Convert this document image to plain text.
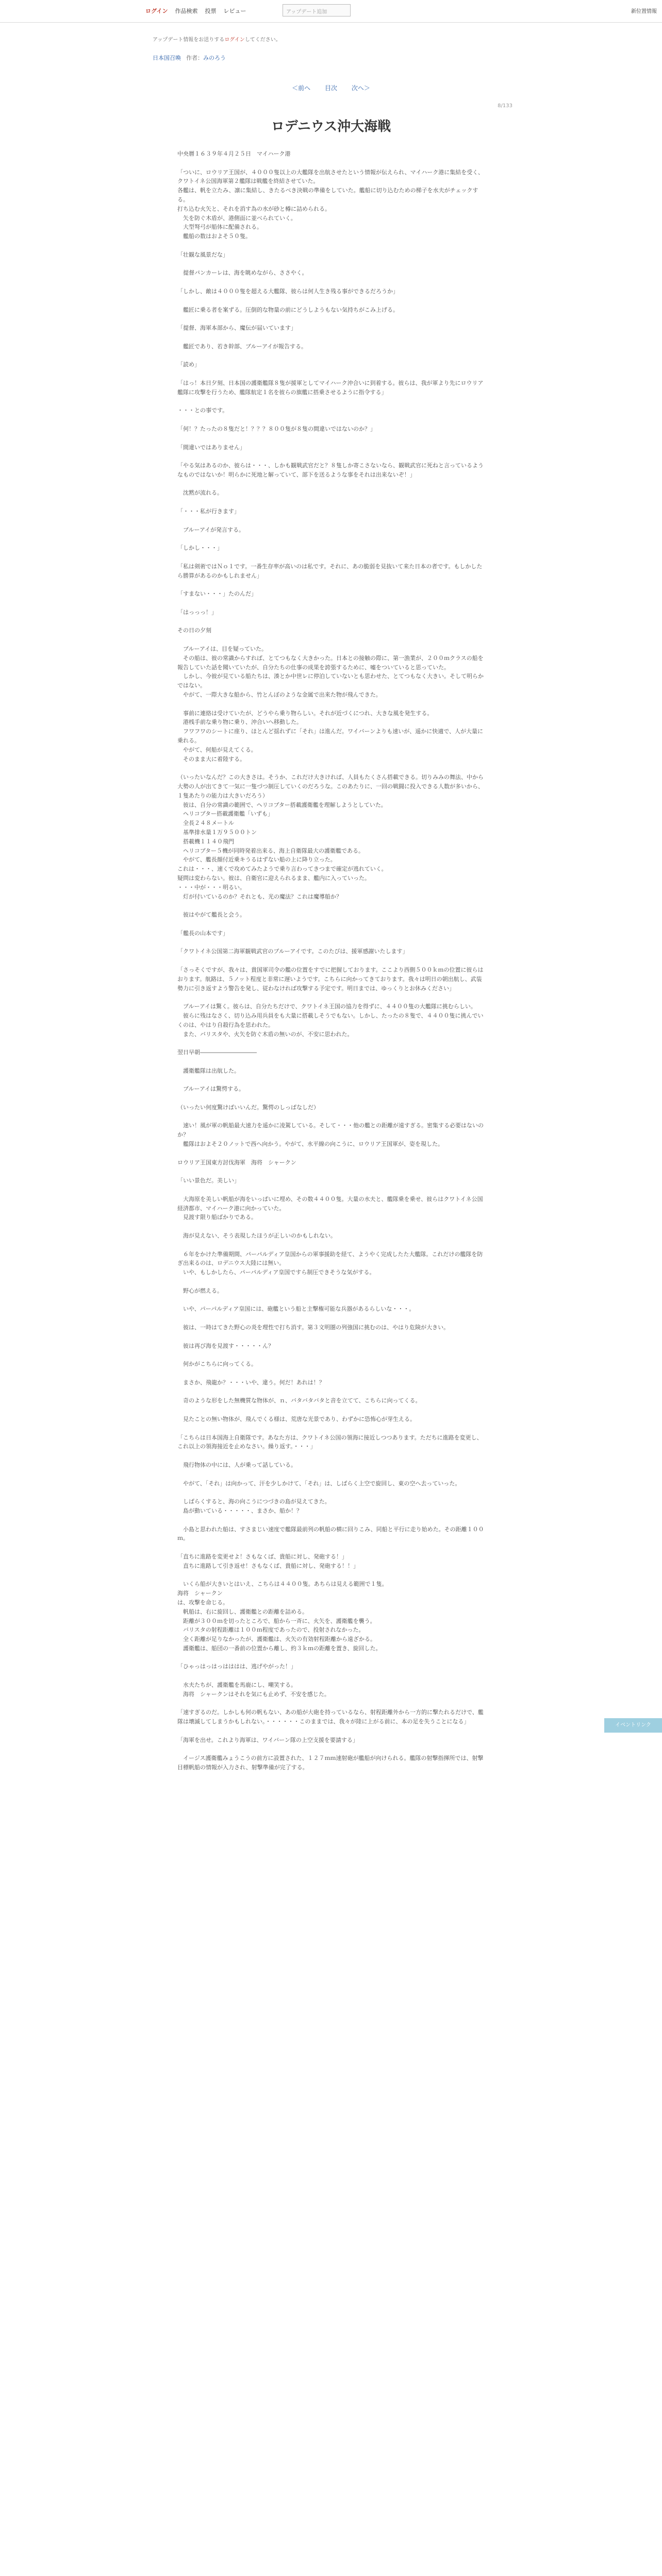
ログイン 作品検索 投票 レビュー	アップデート追加	新位置情報
アップデート情報をお送りするログインしてください。
日本国召喚 作者：みのろう
＜前へ 目次 次へ＞
8/133
ロデニウス沖大海戦
中央暦１６３９年４月２５日　マイハーク港

「ついに、ロウリア王国が、４０００隻以上の大艦隊を出航させたという情報が伝えられ、マイハーク港に集結を受く、クワトイネ公国海軍第２艦隊は戦艦を終結させていた。
各艦は、帆を立たみ、凛に集結し、きたるべき決戦の準備をしていた。艦船に切り込むための梯子を水夫がチェックする。
打ち込む火矢と、それを消す為の水が砂と樽に詰められる。
　矢を防ぐ木盾が、港側面に並べられていく。
　大型弩弓が船体に配備される。
　艦船の数はおよそ５０隻。

「壮観な風景だな」

　提督パンカーレは、海を眺めながら、ささやく。

「しかし、敵は４０００隻を超える大艦隊、彼らは何人生き残る事ができるだろうか」

　艦匠に乗る者を案ずる。圧倒的な物量の前にどうしようもない気持ちがこみ上げる。

「提督、海軍本部から、魔伝が届いています」

　艦匠であり、若き幹部、ブルーアイが報告する。

「読め」

「はっ！本日夕刻、日本国の護衛艦隊８隻が援軍としてマイハーク沖合いに到着する。彼らは、我が軍より先にロウリア艦隊に攻撃を行うため、艦隊航定１名を彼らの旗艦に搭乗させるように指令する」

・・・との事です。

「何！？たったの８隻だと！？？？８００隻が８隻の間違いではないのか？」

「間違いではありません」

「やる気はあるのか、彼らは・・・、しかも観戦武官だと？８隻しか寄こさないなら、観戦武官に死ねと言っているようなものではないか！明らかに死地と解っていて、部下を送るような事をそれは出来ないぞ！」

　沈黙が流れる。

「・・・私が行きます」

　ブルーアイが発言する。

「しかし・・・」

「私は剣術ではＮｏ１です。一番生存率が高いのは私です。それに、あの脆弱を見抜いて来た日本の者です。もしかしたら勝算があるのかもしれません」

「すまない・・・」たのんだ」

「はっっっ！」

その日の夕刻

　ブルーアイは、目を疑っていた。
　その船は、彼の常識からすれば、とてつもなく大きかった。日本との接触の際に、第一漁業が、２００ｍクラスの船を報告していた話を聞いていたが、自分たちの仕事の成果を誇張するために、嘘をついていると思っていた。
　しかし、今彼が見ている船たちは、湊とか中世レに停泊していないとも思わせた、とてつもなく大きい。そして明らかではない。
　やがて、一際大きな船から、竹とんぼのような金属で出来た物が飛んできた。

　事前に連絡は受けていたが、どうやら乗り物らしい。それが近づくにつれ、大きな風を発生する。
　港桟手前な乗り物に乗り、沖合いへ移動した。
　フワフワのシートに座り、ほとんど揺れずに「それ」は進んだ。ワイバーンよりも速いが、遥かに快適で、人が大量に乗れる。
　やがて、何船が見えてくる。
　そのまま大に着陸する。

（いったいなんだ？この大きさは。そうか、これだけ大きければ、人員もたくさん搭載できる。切りみみの舞法、中から大勢の人が出てきて一気に一隻づつ制圧していくのだろうな。このあたりに、一回の戦闘に投入できる人数が多いから、１隻あたりの能力は大きいだろう）
　彼は、自分の常識の範囲で、ヘリコプター搭載護衛艦を理解しようとしていた。
　ヘリコプター搭載護衛艦「いずも」
　全長２４８メートル
　基準排水量１万９５００トン
　搭載機１１４０飛門
　ヘリコプター５機が同時発着出来る、海上自衛隊最大の護衛艦である。
　やがて、艦長顔付近乗キうるはずない船の上に降り立った。
これは・・・、速くで攻めてみたようで乗り言わってきつまで確定が逃れていく。
疑問は変わらない。彼は、自衛官に迎えられるまま、艦内に入っていった。
・・・中が・・・明るい。
　灯が付いているのか？それとも、光の魔法？これは魔導船か？

　彼はやがて艦長と会う。

「艦長の山本です」

「クワトイネ公国第二海軍観戦武官のブルーアイです。このたびは、援軍感謝いたします」

「さっそくですが、我々は、貴国軍司令の艦の位置をすでに把握しております。ここより西側５００ｋｍの位置に彼らはおります。航路は、５ノット程度と非常に遅いようです。こちらに向かってきております。我々は明日の朝出航し、武装勢力に引き返すよう警告を発し、従わなければ攻撃する予定です。明日までは、ゆっくりとお休みください」

　ブルーアイは驚く。彼らは、自分たちだけで、クワトイネ王国の協力を得ずに、４４００隻の大艦隊に挑むらしい。
　彼らに残はなさく、切り込み用兵員をも大量に搭載しそうでもない。しかし、たったの８隻で、４４００隻に挑んでいくのは、やはり自殺行為を思われた。
　また、バリスタや、火矢を防ぐ木盾の無いのが、不安に思われた。

翌日早朝――――――――――

　護衛艦隊は出航した。

　ブルーアイは驚愕する。

（いったい何度驚けばいいんだ。驚愕のしっぱなしだ）

　速い！風が軍の帆船最大速力を遥かに凌駕している。そして・・・他の艦との距離が遠すぎる。密集する必要はないのか？
　艦隊はおよそ２０ノットで西へ向かう。やがて、水平線の向こうに、ロウリア王国軍が、姿を現した。

ロウリア王国東方討伐海軍　海将　シャークン

「いい景色だ。美しい」

　大海原を美しい帆船が海をいっぱいに埋め、その数４４００隻。大量の水夫と、艦隊乗を乗せ、彼らはクワトイネ公国経済都市、マイハーク港に向かっていた。
　見渡す限り船ばかりである。

　海が見えない、そう表現したほうが正しいのかもしれない。

　６年をかけた準備期間、パーパルディア皇国からの軍事援助を経て、ようやく完成したた大艦隊。これだけの艦隊を防ぎ出来るのは、ロデニウス大陸には無い。
　いや、もしかしたら、パーパルディア皇国ですら制圧できそうな気がする。

　野心が燃える。

　いや、パーパルディア皇国には、砲艦という船と主撃権可能な兵器があるらしいな・・・。

　彼は、一時はてきた野心の炎を理性で打ち消す。第３文明圏の列強国に挑むのは、やはり危険が大きい。

　彼は再び海を見渡す・・・・・ん？

　何かがこちらに向ってくる。

　まさか、飛龍か？・・・いや、違う。何だ！あれは！？

　奇のような形をした無機質な物体が、ｎ、バタバタバタと音を立てて、こちらに向ってくる。

　見たことの無い物体が、飛んでくる様は、荒唐な光景であり、わずかに恐怖心が芽生える。

「こちらは日本国海上自衛隊です。あなた方は、クワトイネ公国の領海に接近しつつあります。ただちに進路を変更し、これ以上の領海接近を止めなさい。繰り返す。・・・」

　飛行物体の中には、人が乗って話している。

　やがて、「それ」は向かって、汗を少しかけて、「それ」は、しばらく上空で旋回し、東の空へ去っていった。

　しばらくすると、海の向こうにつづきの島が見えてきた。
　島が動いている・・・・・、まさか、船か！？

　小島と思われた船は、すさまじい速度で艦隊最前列の帆船の横に回りこみ、同船と平行に走り始めた。その距離１００ｍ。

「直ちに進路を変更せよ！さもなくば、貴船に対し、発砲する！」
　直ちに進路して引き返せ！さもなくば、貴船に対し、発砲する！！」

　いくら船が大きいとはいえ、こちらは４４００隻。あちらは見える範囲で１隻。
海将　シャークン
は、攻撃を命じる。
　帆船は、右に旋回し、護衛艦との距離を詰める。
　距離が３００ｍを切ったところで、船から一斉に、火矢を、護衛艦を襲う。
　バリスタの射程距離は１００ｍ程度であったので、投射されなかった。
　全く距離が足りなかったが、護衛艦は、火矢の有効射程距離から遠ざかる。
　護衛艦は、船団の一番前の位置から離し、約３ｋｍの距離を置き、旋回した。

「ひゃっはっはっはははは、逃げやがった！」

　水夫たちが、護衛艦を馬鹿にし、嘲笑する。
　海将　シャークンはそれを気にも止めず、不安を感じた。

「速すぎるのだ。しかしも何の帆もない、あの船が大砲を持っているなら、射程距離外から一方的に撃たれるだけで、艦隊は壊滅してしまうかもしれない。・・・・・・このままでは、我々が陸に上がる前に、本の足を失うことになる」

「海軍を出せ。これより海軍は、ワイバーン隊の上空支援を要請する」

　イージス護衛艦みょうこうの前方に設置された、１２７ｍｍ速射砲が艦船が向けられる。艦隊の射撃指揮所では、射撃目標帆船の情報が入力され、射撃準備が完了する。
イベントリンク
